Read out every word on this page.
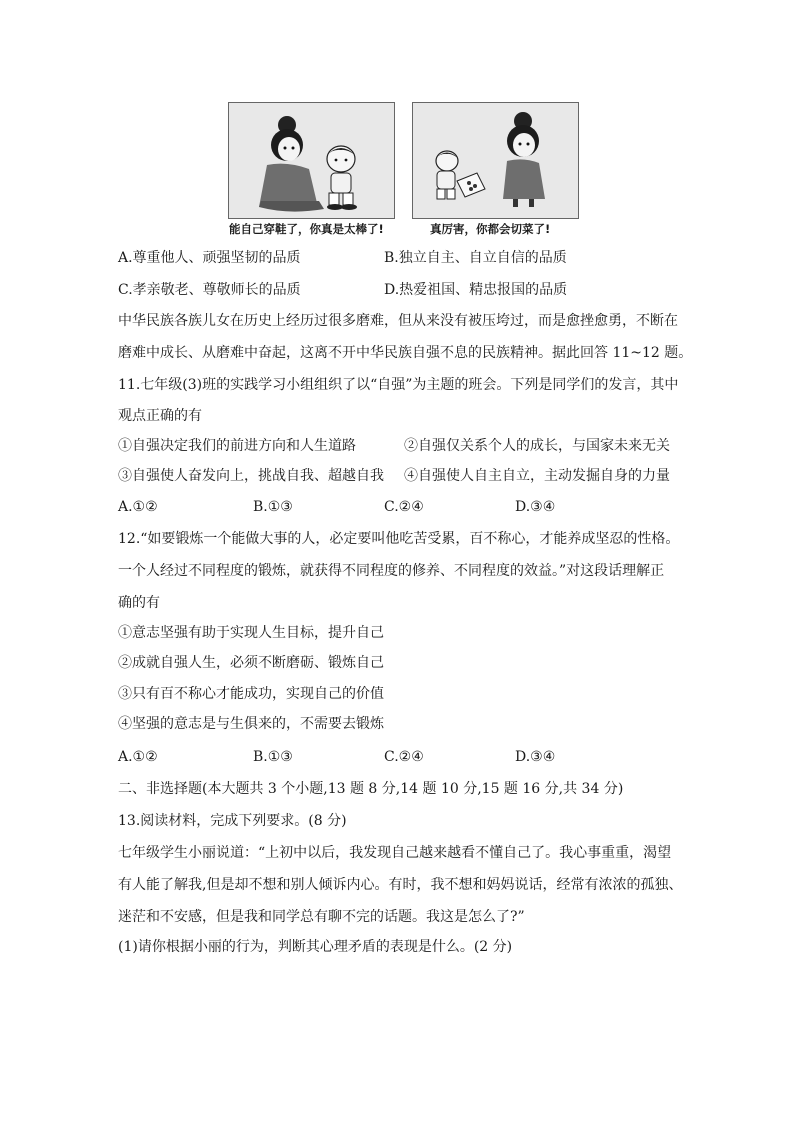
能自己穿鞋了，你真是太棒了!	真厉害，你都会切菜了!
A.尊重他人、顽强坚韧的品质	B.独立自主、自立自信的品质
C.孝亲敬老、尊敬师长的品质	D.热爱祖国、精忠报国的品质
中华民族各族儿女在历史上经历过很多磨难，但从来没有被压垮过，而是愈挫愈勇，不断在
磨难中成长、从磨难中奋起，这离不开中华民族自强不息的民族精神。据此回答 11~12 题。
11.七年级(3)班的实践学习小组组织了以“自强”为主题的班会。下列是同学们的发言，其中
观点正确的有
①自强决定我们的前进方向和人生道路	②自强仅关系个人的成长，与国家未来无关
③自强使人奋发向上，挑战自我、超越自我 ④自强使人自主自立，主动发掘自身的力量
A.①②	B.①③	C.②④	D.③④
12.“如要锻炼一个能做大事的人，必定要叫他吃苦受累，百不称心，才能养成坚忍的性格。
一个人经过不同程度的锻炼，就获得不同程度的修养、不同程度的效益。”对这段话理解正
确的有
①意志坚强有助于实现人生目标，提升自己
②成就自强人生，必须不断磨砺、锻炼自己
③只有百不称心才能成功，实现自己的价值
④坚强的意志是与生俱来的，不需要去锻炼
A.①②	B.①③	C.②④	D.③④
二、非选择题(本大题共 3 个小题,13 题 8 分,14 题 10 分,15 题 16 分,共 34 分)
13.阅读材料，完成下列要求。(8 分)
七年级学生小丽说道：“上初中以后，我发现自己越来越看不懂自己了。我心事重重，渴望
有人能了解我,但是却不想和别人倾诉内心。有时，我不想和妈妈说话，经常有浓浓的孤独、
迷茫和不安感，但是我和同学总有聊不完的话题。我这是怎么了?”
(1)请你根据小丽的行为，判断其心理矛盾的表现是什么。(2 分)
